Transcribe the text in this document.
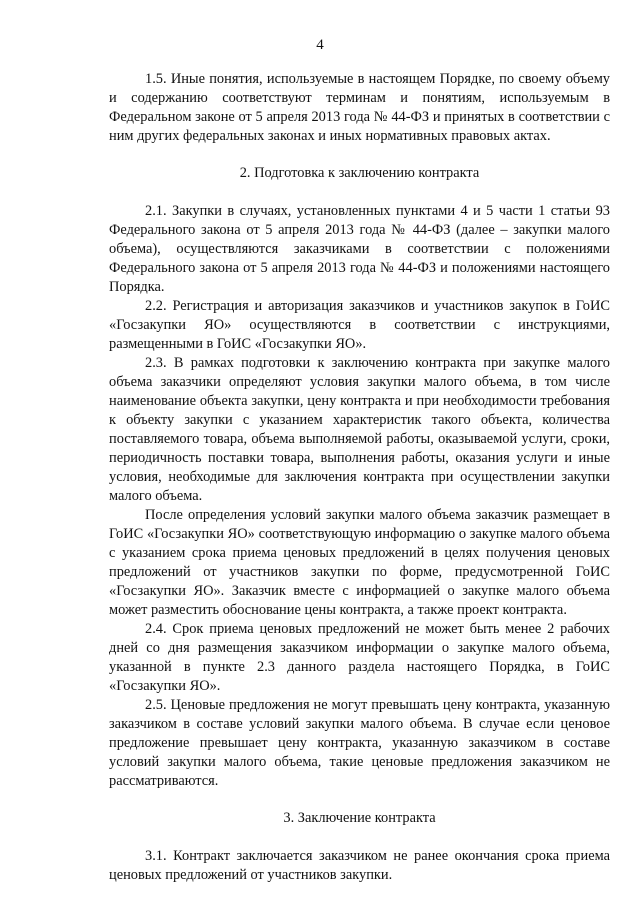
4

1.5. Иные понятия, используемые в настоящем Порядке, по своему объему и содержанию соответствуют терминам и понятиям, используемым в Федеральном законе от 5 апреля 2013 года № 44-ФЗ и принятых в соответствии с ним других федеральных законах и иных нормативных правовых актах.

2. Подготовка к заключению контракта

2.1. Закупки в случаях, установленных пунктами 4 и 5 части 1 статьи 93 Федерального закона от 5 апреля 2013 года № 44-ФЗ (далее – закупки малого объема), осуществляются заказчиками в соответствии с положениями Федерального закона от 5 апреля 2013 года № 44-ФЗ и положениями настоящего Порядка.

2.2. Регистрация и авторизация заказчиков и участников закупок в ГоИС «Госзакупки ЯО» осуществляются в соответствии с инструкциями, размещенными в ГоИС «Госзакупки ЯО».

2.3. В рамках подготовки к заключению контракта при закупке малого объема заказчики определяют условия закупки малого объема, в том числе наименование объекта закупки, цену контракта и при необходимости требования к объекту закупки с указанием характеристик такого объекта, количества поставляемого товара, объема выполняемой работы, оказываемой услуги, сроки, периодичность поставки товара, выполнения работы, оказания услуги и иные условия, необходимые для заключения контракта при осуществлении закупки малого объема.

После определения условий закупки малого объема заказчик размещает в ГоИС «Госзакупки ЯО» соответствующую информацию о закупке малого объема с указанием срока приема ценовых предложений в целях получения ценовых предложений от участников закупки по форме, предусмотренной ГоИС «Госзакупки ЯО». Заказчик вместе с информацией о закупке малого объема может разместить обоснование цены контракта, а также проект контракта.

2.4. Срок приема ценовых предложений не может быть менее 2 рабочих дней со дня размещения заказчиком информации о закупке малого объема, указанной в пункте 2.3 данного раздела настоящего Порядка, в ГоИС «Госзакупки ЯО».

2.5. Ценовые предложения не могут превышать цену контракта, указанную заказчиком в составе условий закупки малого объема. В случае если ценовое предложение превышает цену контракта, указанную заказчиком в составе условий закупки малого объема, такие ценовые предложения заказчиком не рассматриваются.

3. Заключение контракта

3.1. Контракт заключается заказчиком не ранее окончания срока приема ценовых предложений от участников закупки.
